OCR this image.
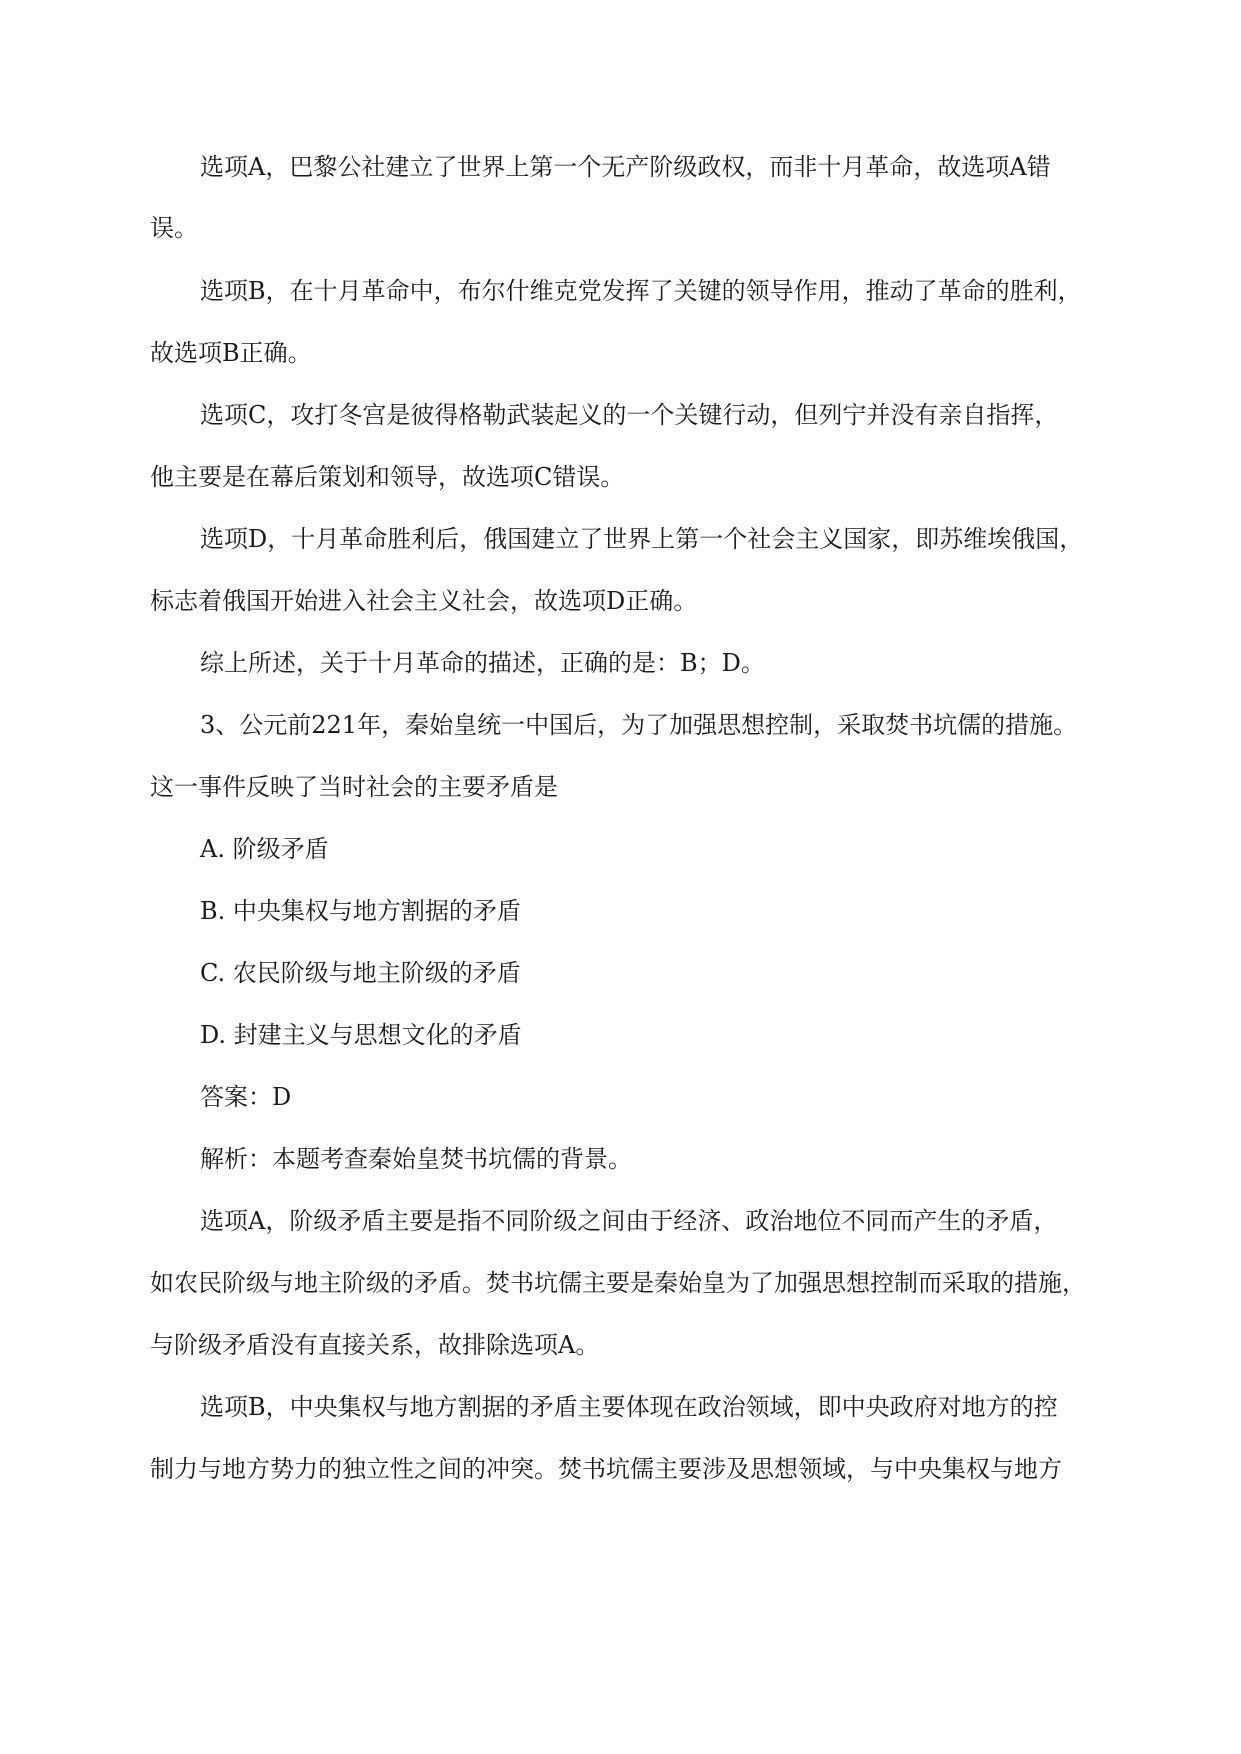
选项A，巴黎公社建立了世界上第一个无产阶级政权，而非十月革命，故选项A错
误。
选项B，在十月革命中，布尔什维克党发挥了关键的领导作用，推动了革命的胜利，
故选项B正确。
选项C，攻打冬宫是彼得格勒武装起义的一个关键行动，但列宁并没有亲自指挥，
他主要是在幕后策划和领导，故选项C错误。
选项D，十月革命胜利后，俄国建立了世界上第一个社会主义国家，即苏维埃俄国，
标志着俄国开始进入社会主义社会，故选项D正确。
综上所述，关于十月革命的描述，正确的是：B；D。
3、公元前221年，秦始皇统一中国后，为了加强思想控制，采取焚书坑儒的措施。
这一事件反映了当时社会的主要矛盾是
A. 阶级矛盾
B. 中央集权与地方割据的矛盾
C. 农民阶级与地主阶级的矛盾
D. 封建主义与思想文化的矛盾
答案：D
解析：本题考查秦始皇焚书坑儒的背景。
选项A，阶级矛盾主要是指不同阶级之间由于经济、政治地位不同而产生的矛盾，
如农民阶级与地主阶级的矛盾。焚书坑儒主要是秦始皇为了加强思想控制而采取的措施，
与阶级矛盾没有直接关系，故排除选项A。
选项B，中央集权与地方割据的矛盾主要体现在政治领域，即中央政府对地方的控
制力与地方势力的独立性之间的冲突。焚书坑儒主要涉及思想领域，与中央集权与地方
